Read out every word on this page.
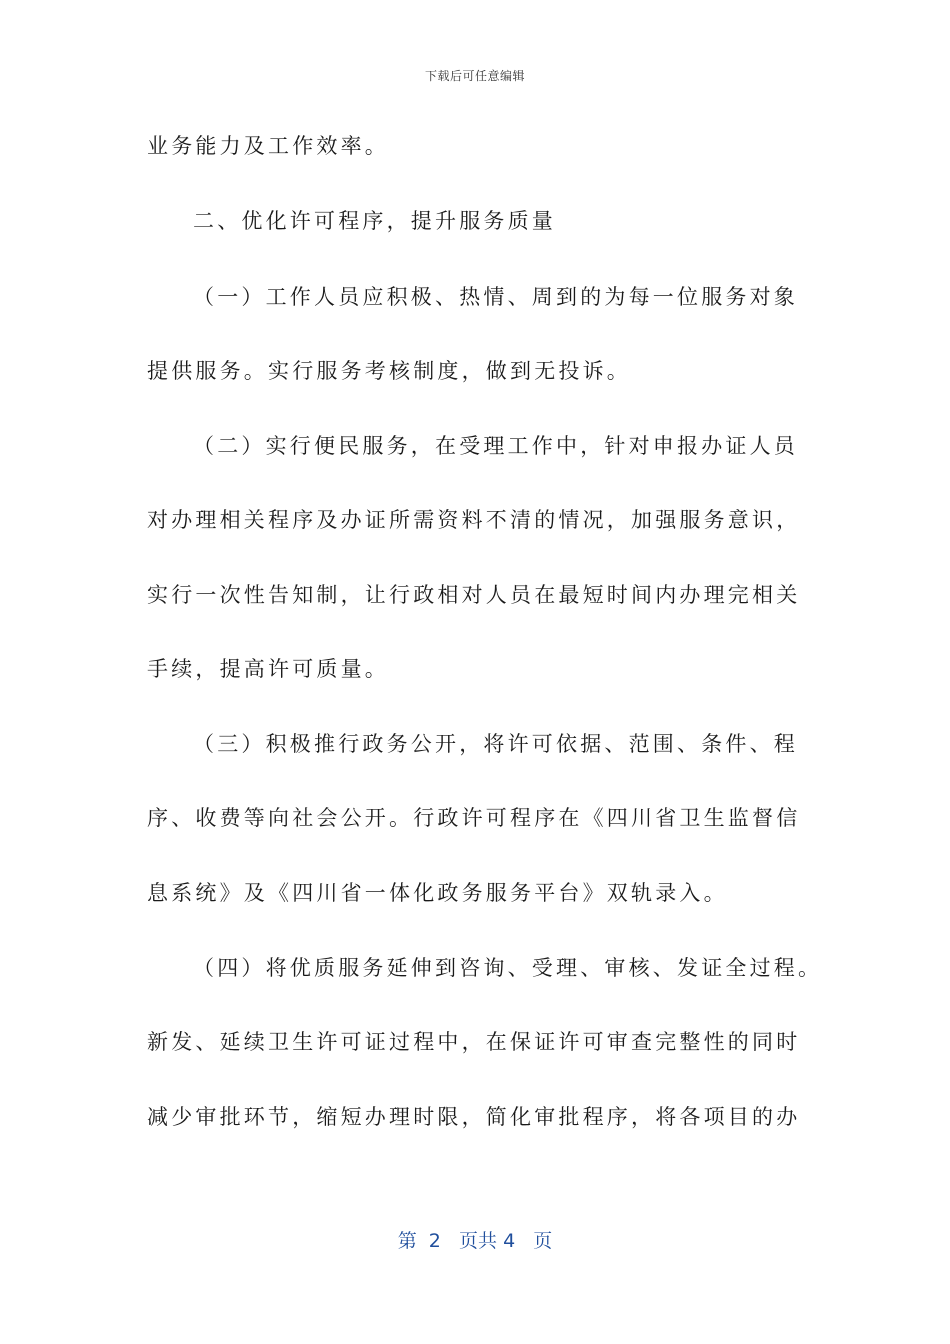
下载后可任意编辑
业务能力及工作效率。
二、优化许可程序，提升服务质量
（一）工作人员应积极、热情、周到的为每一位服务对象
提供服务。实行服务考核制度，做到无投诉。
（二）实行便民服务，在受理工作中，针对申报办证人员
对办理相关程序及办证所需资料不清的情况，加强服务意识，
实行一次性告知制，让行政相对人员在最短时间内办理完相关
手续，提高许可质量。
（三）积极推行政务公开，将许可依据、范围、条件、程
序、收费等向社会公开。行政许可程序在《四川省卫生监督信
息系统》及《四川省一体化政务服务平台》双轨录入。
（四）将优质服务延伸到咨询、受理、审核、发证全过程。
新发、延续卫生许可证过程中，在保证许可审查完整性的同时
减少审批环节，缩短办理时限，简化审批程序，将各项目的办
第 2 页共 4 页
